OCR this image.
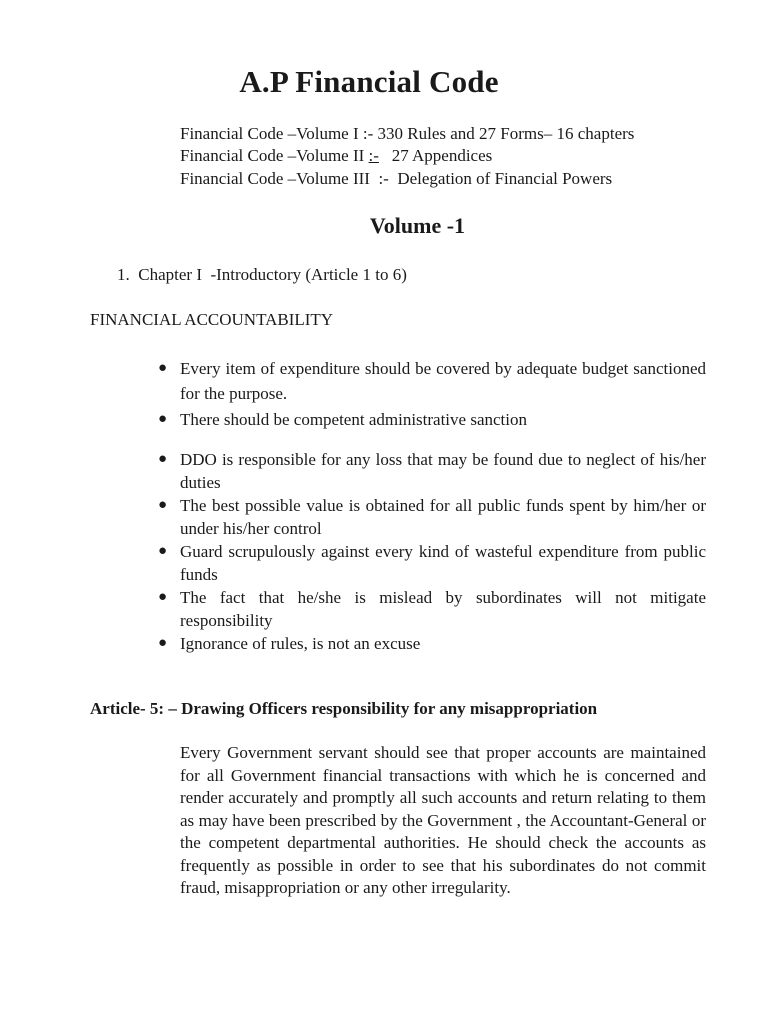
A.P Financial Code
Financial Code –Volume I :- 330 Rules and 27 Forms– 16 chapters
Financial Code –Volume II :-   27 Appendices
Financial Code –Volume III  :-  Delegation of Financial Powers
Volume -1
1.  Chapter I  -Introductory (Article 1 to 6)
FINANCIAL ACCOUNTABILITY
● Every item of expenditure should be covered by adequate budget sanctioned for the purpose.
● There should be competent administrative sanction
● DDO is responsible for any loss that may be found due to neglect of his/her   duties
● The best possible value is obtained for all public funds spent by him/her or under his/her control
● Guard scrupulously against every kind of wasteful expenditure from public funds
● The fact that he/she is mislead by subordinates will not mitigate responsibility
● Ignorance of rules, is not an excuse
Article- 5: – Drawing Officers responsibility for any misappropriation
Every Government servant should see that proper accounts are maintained for all Government financial transactions with which he is concerned and render accurately and promptly all such accounts and return relating to them as may have been prescribed by the Government , the Accountant-General or the competent departmental authorities. He should check the accounts as frequently as possible in order to see that his subordinates do not commit fraud, misappropriation or any other irregularity.
